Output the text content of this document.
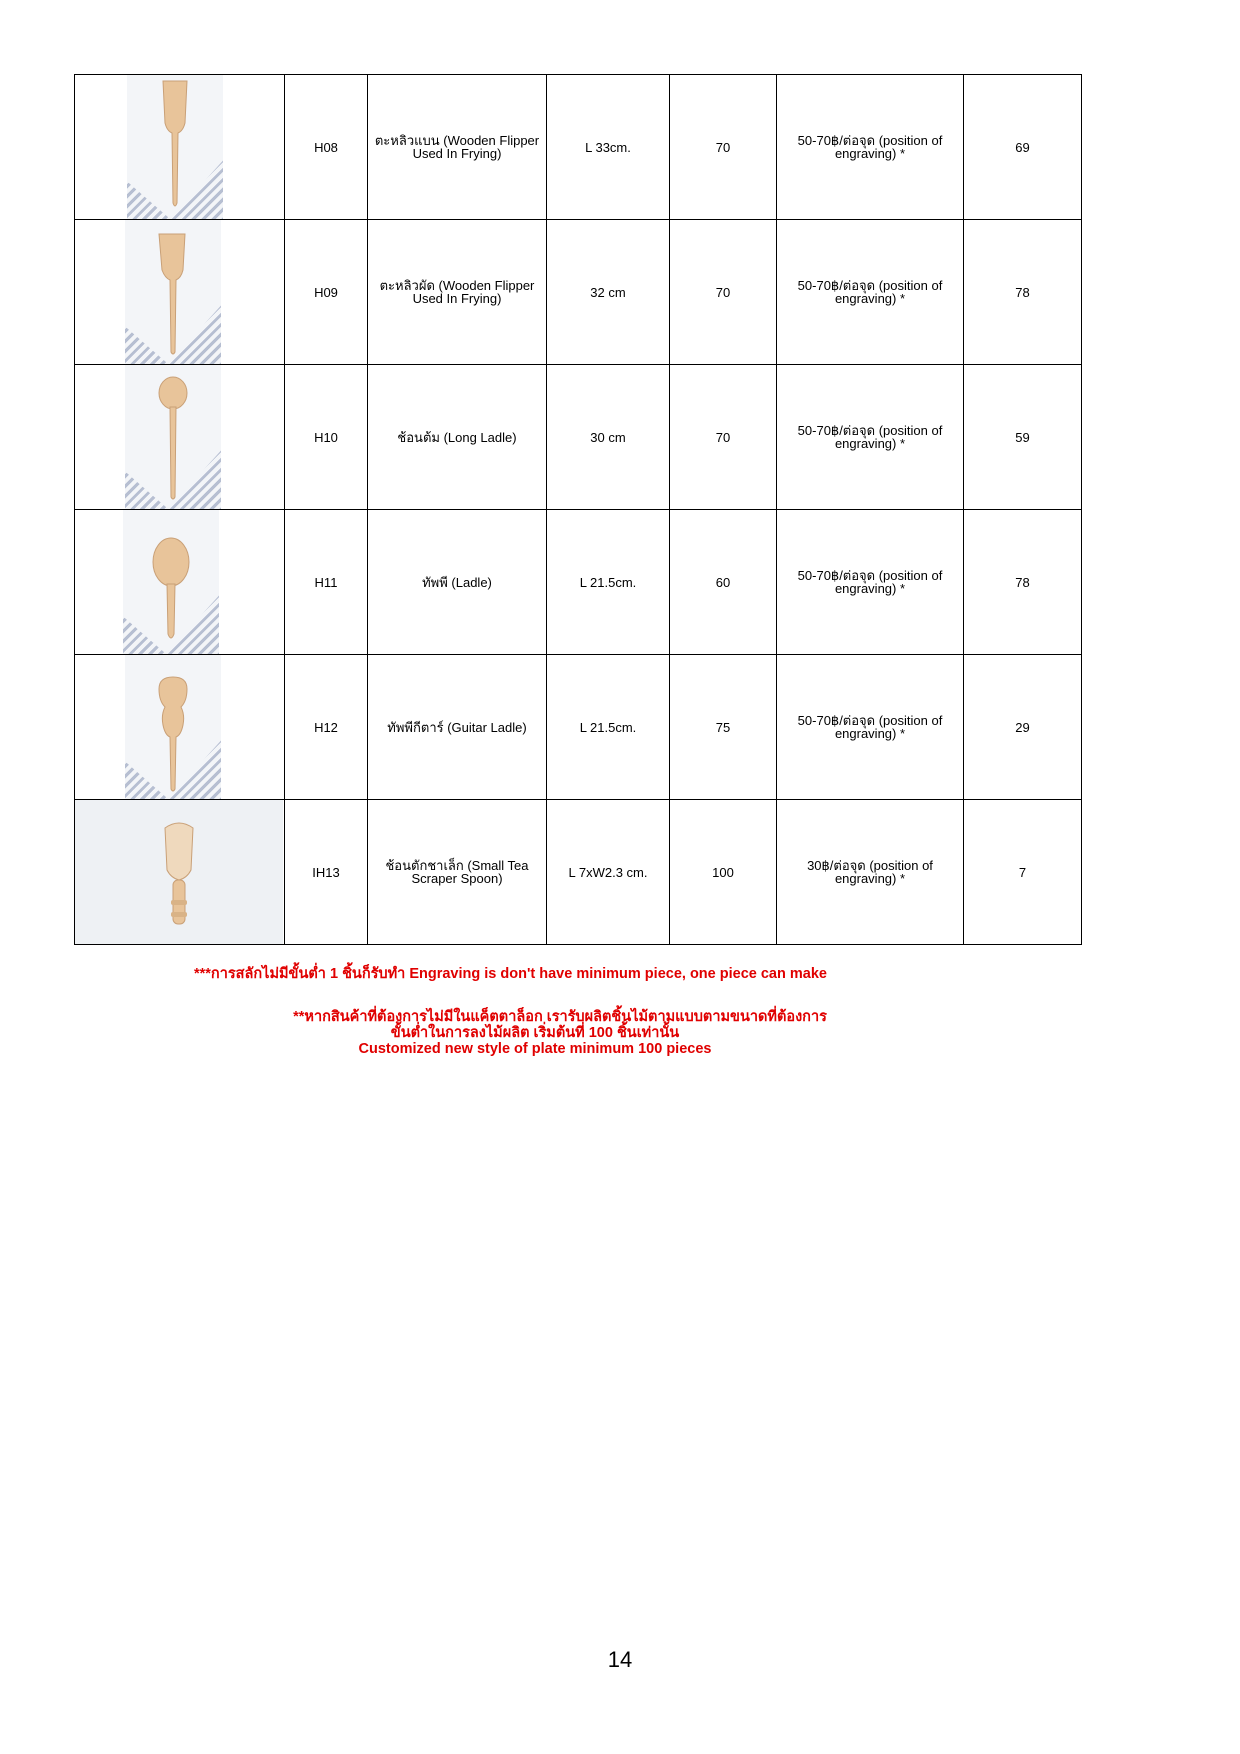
	H08	ตะหลิวแบน (Wooden Flipper Used In Frying)	L 33cm.	70	50-70฿/ต่อจุด (position of engraving) *	69

	H09	ตะหลิวผัด (Wooden Flipper Used In Frying)	32 cm	70	50-70฿/ต่อจุด (position of engraving) *	78

	H10	ช้อนต้ม (Long Ladle)	30 cm	70	50-70฿/ต่อจุด (position of engraving) *	59

	H11	ทัพพี (Ladle)	L 21.5cm.	60	50-70฿/ต่อจุด (position of engraving) *	78

	H12	ทัพพีกีตาร์ (Guitar Ladle)	L 21.5cm.	75	50-70฿/ต่อจุด (position of engraving) *	29

	IH13	ช้อนตักชาเล็ก (Small Tea Scraper Spoon)	L 7xW2.3 cm.	100	30฿/ต่อจุด (position of engraving) *	7
***การสลักไม่มีขั้นต่ำ 1 ชิ้นก็รับทำ Engraving is don't have minimum piece, one piece can make
**หากสินค้าที่ต้องการไม่มีในแค็ตตาล็อก เรารับผลิตชิ้นไม้ตามแบบตามขนาดที่ต้องการ
ขั้นต่ำในการลงไม้ผลิต เริ่มต้นที่ 100 ชิ้นเท่านั้น
Customized new style of plate minimum 100 pieces
14
